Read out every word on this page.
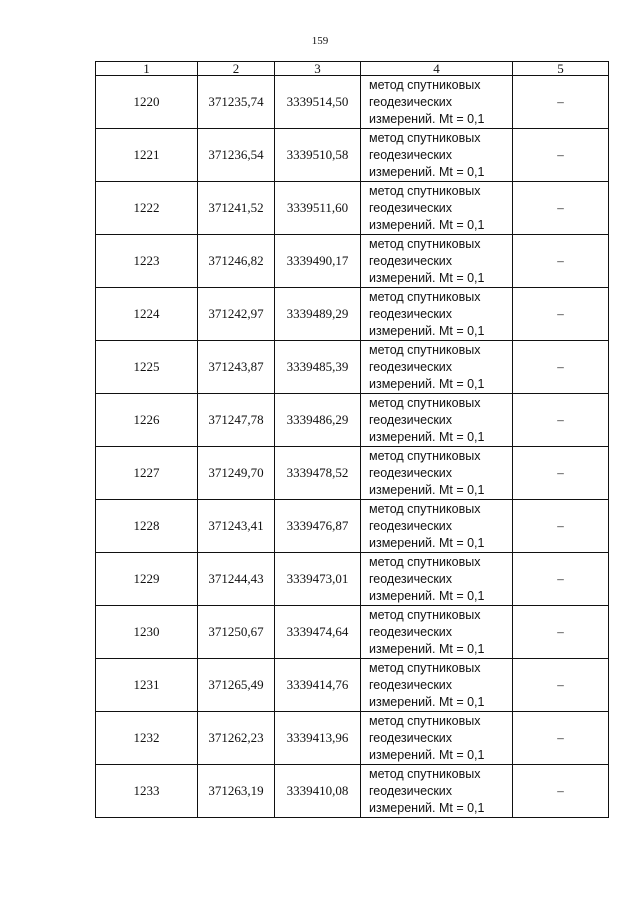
159
1	2	3	4	5
1220	371235,74	3339514,50	метод спутниковых
геодезических
измерений. Mt = 0,1	–
1221	371236,54	3339510,58	метод спутниковых
геодезических
измерений. Mt = 0,1	–
1222	371241,52	3339511,60	метод спутниковых
геодезических
измерений. Mt = 0,1	–
1223	371246,82	3339490,17	метод спутниковых
геодезических
измерений. Mt = 0,1	–
1224	371242,97	3339489,29	метод спутниковых
геодезических
измерений. Mt = 0,1	–
1225	371243,87	3339485,39	метод спутниковых
геодезических
измерений. Mt = 0,1	–
1226	371247,78	3339486,29	метод спутниковых
геодезических
измерений. Mt = 0,1	–
1227	371249,70	3339478,52	метод спутниковых
геодезических
измерений. Mt = 0,1	–
1228	371243,41	3339476,87	метод спутниковых
геодезических
измерений. Mt = 0,1	–
1229	371244,43	3339473,01	метод спутниковых
геодезических
измерений. Mt = 0,1	–
1230	371250,67	3339474,64	метод спутниковых
геодезических
измерений. Mt = 0,1	–
1231	371265,49	3339414,76	метод спутниковых
геодезических
измерений. Mt = 0,1	–
1232	371262,23	3339413,96	метод спутниковых
геодезических
измерений. Mt = 0,1	–
1233	371263,19	3339410,08	метод спутниковых
геодезических
измерений. Mt = 0,1	–
